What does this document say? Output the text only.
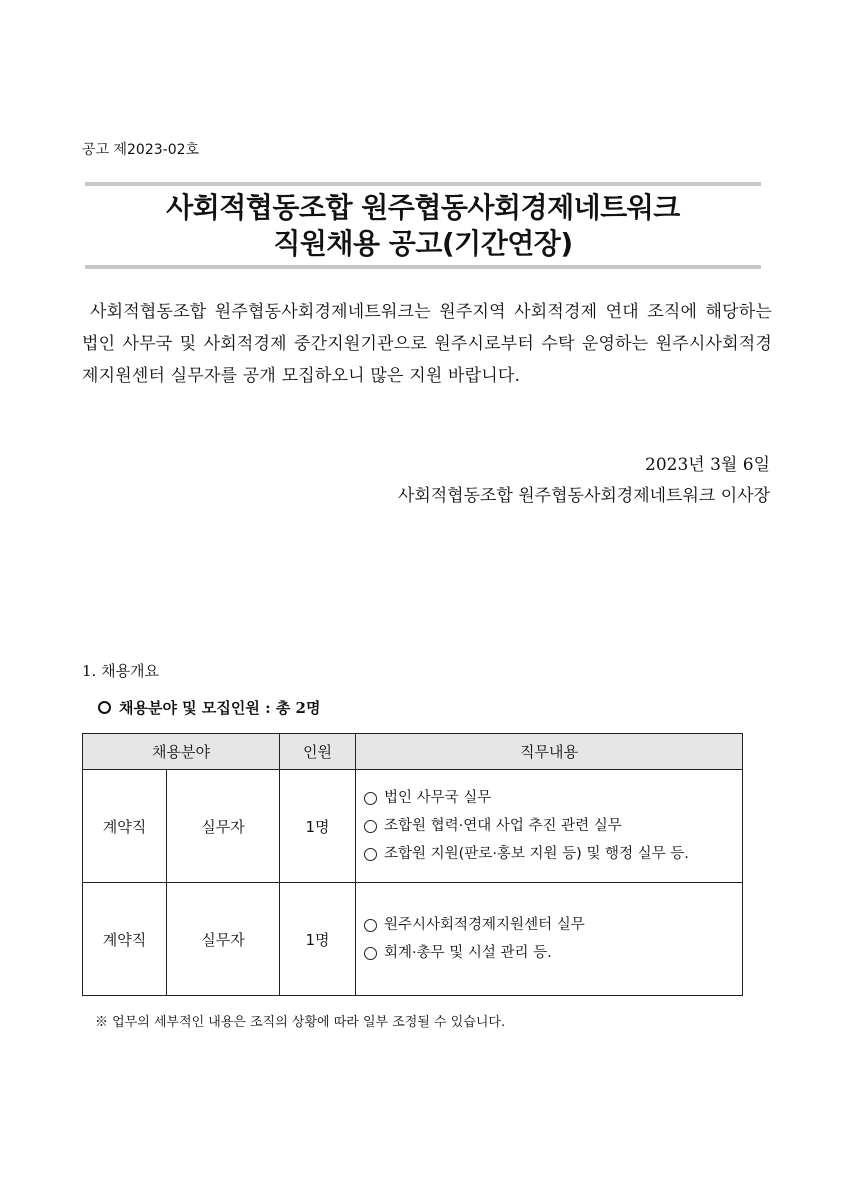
공고 제2023-02호
사회적협동조합 원주협동사회경제네트워크
직원채용 공고(기간연장)
사회적협동조합 원주협동사회경제네트워크는 원주지역 사회적경제 연대 조직에 해당하는 법인 사무국 및 사회적경제 중간지원기관으로 원주시로부터 수탁 운영하는 원주시사회적경제지원센터 실무자를 공개 모집하오니 많은 지원 바랍니다.
2023년 3월 6일
사회적협동조합 원주협동사회경제네트워크 이사장
1. 채용개요
채용분야 및 모집인원 : 총 2명
채용분야		인원	직무내용
계약직	실무자	1명	법인 사무국 실무
조합원 협력·연대 사업 추진 관련 실무
조합원 지원(판로·홍보 지원 등) 및 행정 실무 등.

계약직	실무자	1명	원주시사회적경제지원센터 실무
회계·총무 및 시설 관리 등.
※ 업무의 세부적인 내용은 조직의 상황에 따라 일부 조정될 수 있습니다.
